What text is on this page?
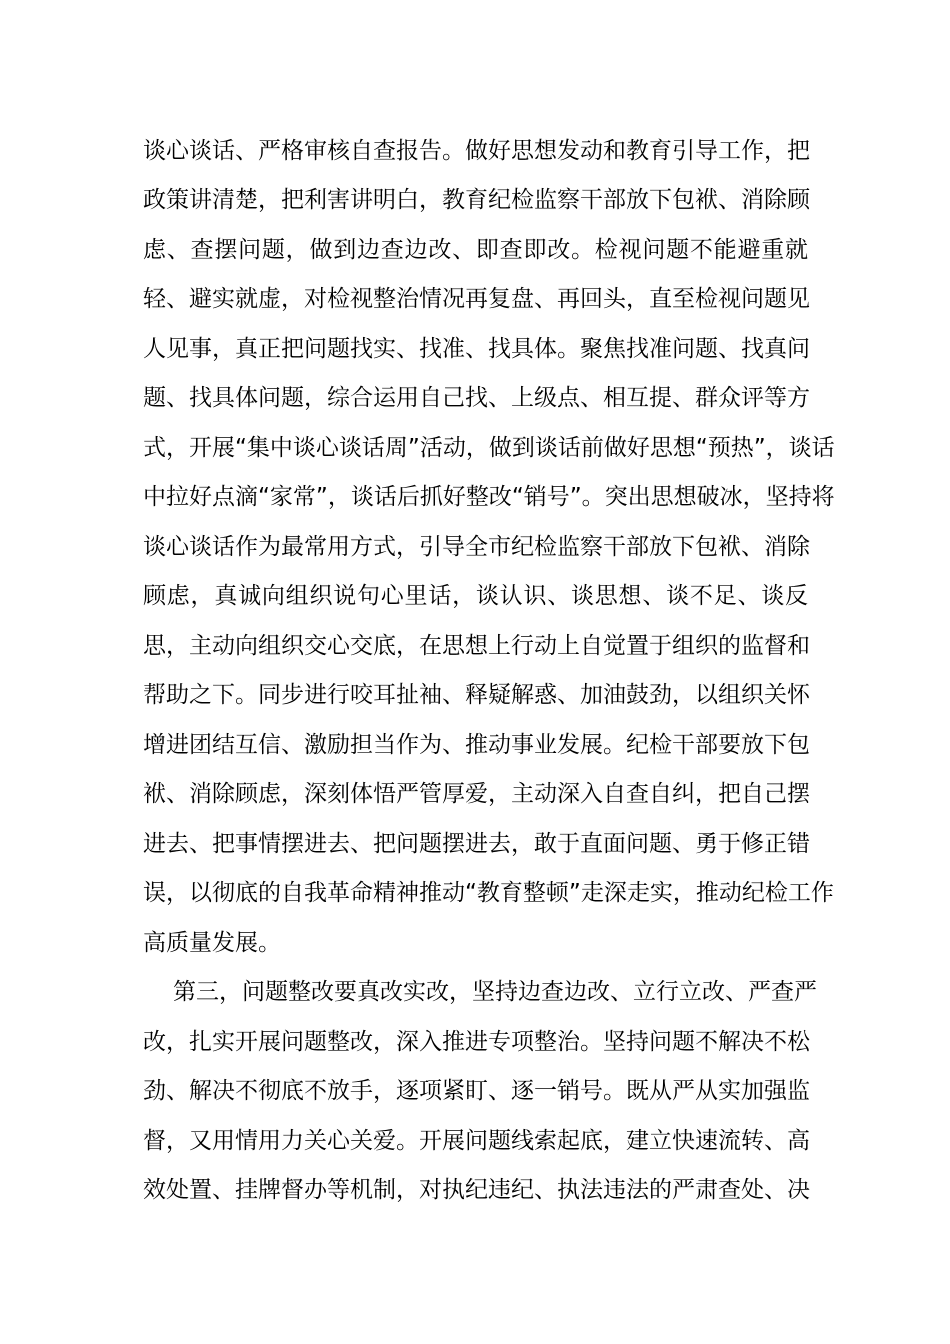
谈心谈话、严格审核自查报告。做好思想发动和教育引导工作，把
政策讲清楚，把利害讲明白，教育纪检监察干部放下包袱、消除顾
虑、查摆问题，做到边查边改、即查即改。检视问题不能避重就
轻、避实就虚，对检视整治情况再复盘、再回头，直至检视问题见
人见事，真正把问题找实、找准、找具体。聚焦找准问题、找真问
题、找具体问题，综合运用自己找、上级点、相互提、群众评等方
式，开展“集中谈心谈话周”活动，做到谈话前做好思想“预热”，谈话
中拉好点滴“家常”，谈话后抓好整改“销号”。突出思想破冰，坚持将
谈心谈话作为最常用方式，引导全市纪检监察干部放下包袱、消除
顾虑，真诚向组织说句心里话，谈认识、谈思想、谈不足、谈反
思，主动向组织交心交底，在思想上行动上自觉置于组织的监督和
帮助之下。同步进行咬耳扯袖、释疑解惑、加油鼓劲，以组织关怀
增进团结互信、激励担当作为、推动事业发展。纪检干部要放下包
袱、消除顾虑，深刻体悟严管厚爱，主动深入自查自纠，把自己摆
进去、把事情摆进去、把问题摆进去，敢于直面问题、勇于修正错
误，以彻底的自我革命精神推动“教育整顿”走深走实，推动纪检工作
高质量发展。
第三，问题整改要真改实改，坚持边查边改、立行立改、严查严
改，扎实开展问题整改，深入推进专项整治。坚持问题不解决不松
劲、解决不彻底不放手，逐项紧盯、逐一销号。既从严从实加强监
督，又用情用力关心关爱。开展问题线索起底，建立快速流转、高
效处置、挂牌督办等机制，对执纪违纪、执法违法的严肃查处、决
